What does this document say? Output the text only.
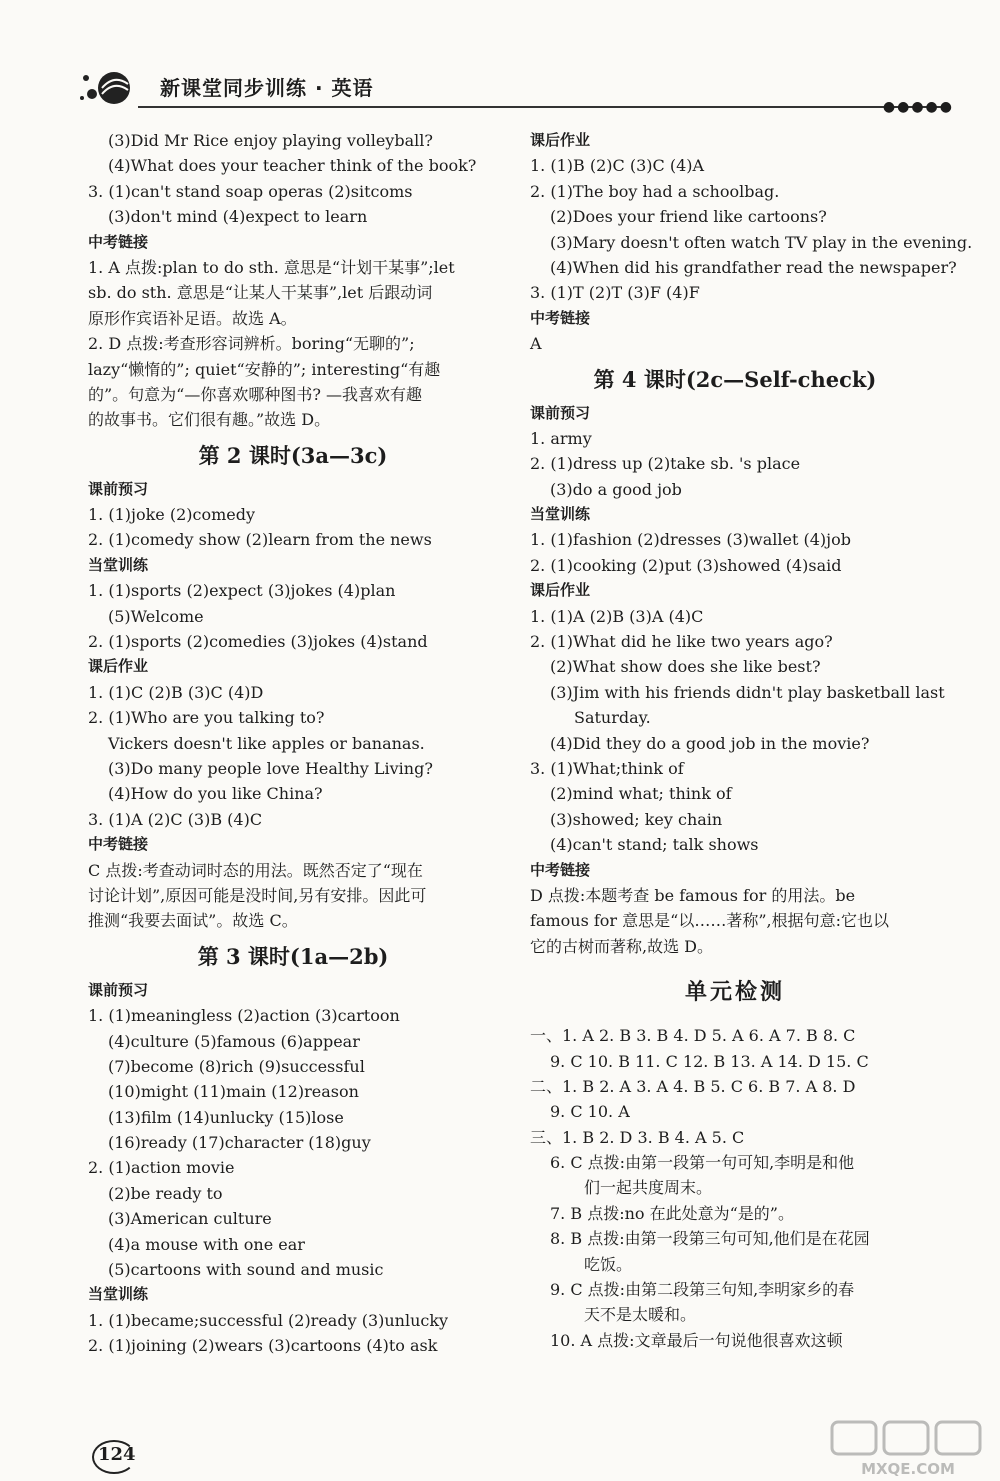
新课堂同步训练 · 英语
●●●●●
(3)Did Mr Rice enjoy playing volleyball?
(4)What does your teacher think of the book?
3. (1)can't stand soap operas (2)sitcoms
(3)don't mind (4)expect to learn
中考链接
1. A 点拨:plan to do sth. 意思是“计划干某事”;let
sb. do sth. 意思是“让某人干某事”,let 后跟动词
原形作宾语补足语。故选 A。
2. D 点拨:考查形容词辨析。boring“无聊的”;
lazy“懒惰的”; quiet“安静的”; interesting“有趣
的”。句意为“—你喜欢哪种图书? —我喜欢有趣
的故事书。它们很有趣。”故选 D。
第 2 课时(3a—3c)
课前预习
1. (1)joke (2)comedy
2. (1)comedy show (2)learn from the news
当堂训练
1. (1)sports (2)expect (3)jokes (4)plan
(5)Welcome
2. (1)sports (2)comedies (3)jokes (4)stand
课后作业
1. (1)C (2)B (3)C (4)D
2. (1)Who are you talking to?
Vickers doesn't like apples or bananas.
(3)Do many people love Healthy Living?
(4)How do you like China?
3. (1)A (2)C (3)B (4)C
中考链接
C 点拨:考查动词时态的用法。既然否定了“现在
讨论计划”,原因可能是没时间,另有安排。因此可
推测“我要去面试”。故选 C。
第 3 课时(1a—2b)
课前预习
1. (1)meaningless (2)action (3)cartoon
(4)culture (5)famous (6)appear
(7)become (8)rich (9)successful
(10)might (11)main (12)reason
(13)film (14)unlucky (15)lose
(16)ready (17)character (18)guy
2. (1)action movie
(2)be ready to
(3)American culture
(4)a mouse with one ear
(5)cartoons with sound and music
当堂训练
1. (1)became;successful (2)ready (3)unlucky
2. (1)joining (2)wears (3)cartoons (4)to ask
课后作业
1. (1)B (2)C (3)C (4)A
2. (1)The boy had a schoolbag.
(2)Does your friend like cartoons?
(3)Mary doesn't often watch TV play in the evening.
(4)When did his grandfather read the newspaper?
3. (1)T (2)T (3)F (4)F
中考链接
A
第 4 课时(2c—Self-check)
课前预习
1. army
2. (1)dress up (2)take sb. 's place
(3)do a good job
当堂训练
1. (1)fashion (2)dresses (3)wallet (4)job
2. (1)cooking (2)put (3)showed (4)said
课后作业
1. (1)A (2)B (3)A (4)C
2. (1)What did he like two years ago?
(2)What show does she like best?
(3)Jim with his friends didn't play basketball last
Saturday.
(4)Did they do a good job in the movie?
3. (1)What;think of
(2)mind what; think of
(3)showed; key chain
(4)can't stand; talk shows
中考链接
D 点拨:本题考查 be famous for 的用法。be
famous for 意思是“以……著称”,根据句意:它也以
它的古树而著称,故选 D。
单元检测
一、1. A 2. B 3. B 4. D 5. A 6. A 7. B 8. C
9. C 10. B 11. C 12. B 13. A 14. D 15. C
二、1. B 2. A 3. A 4. B 5. C 6. B 7. A 8. D
9. C 10. A
三、1. B 2. D 3. B 4. A 5. C
6. C 点拨:由第一段第一句可知,李明是和他
们一起共度周末。
7. B 点拨:no 在此处意为“是的”。
8. B 点拨:由第一段第三句可知,他们是在花园
吃饭。
9. C 点拨:由第二段第三句知,李明家乡的春
天不是太暖和。
10. A 点拨:文章最后一句说他很喜欢这顿
124
MXQE.COM
